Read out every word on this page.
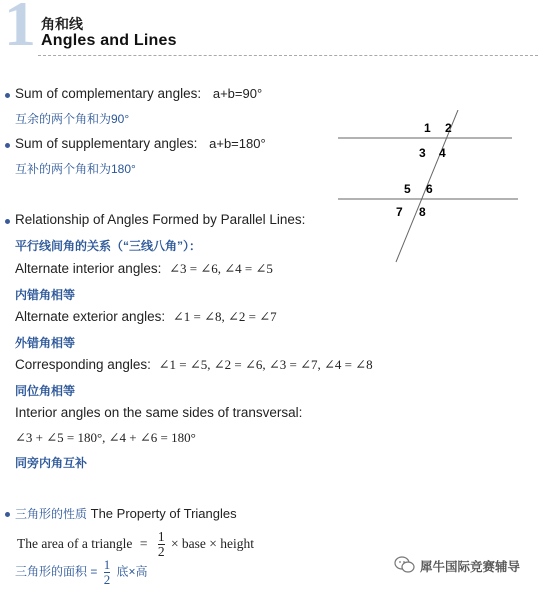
1 角和线
Angles and Lines
Sum of complementary angles: a+b=90°
互余的两个角和为90°
Sum of supplementary angles: a+b=180°
互补的两个角和为180°
1 2
3 4
5 6
7 8
Relationship of Angles Formed by Parallel Lines:
平行线间角的关系（“三线八角”）：
Alternate interior angles: ∠3 = ∠6, ∠4 = ∠5
内错角相等
Alternate exterior angles: ∠1 = ∠8, ∠2 = ∠7
外错角相等
Corresponding angles: ∠1 = ∠5, ∠2 = ∠6, ∠3 = ∠7, ∠4 = ∠8
同位角相等
Interior angles on the same sides of transversal:
∠3 + ∠5 = 180°, ∠4 + ∠6 = 180°
同旁内角互补
三角形的性质 The Property of Triangles
The area of a triangle = $\frac{1}{2}$ × base × height
三角形的面积 = $\frac{1}{2}$ 底×高	犀牛国际竞赛辅导
